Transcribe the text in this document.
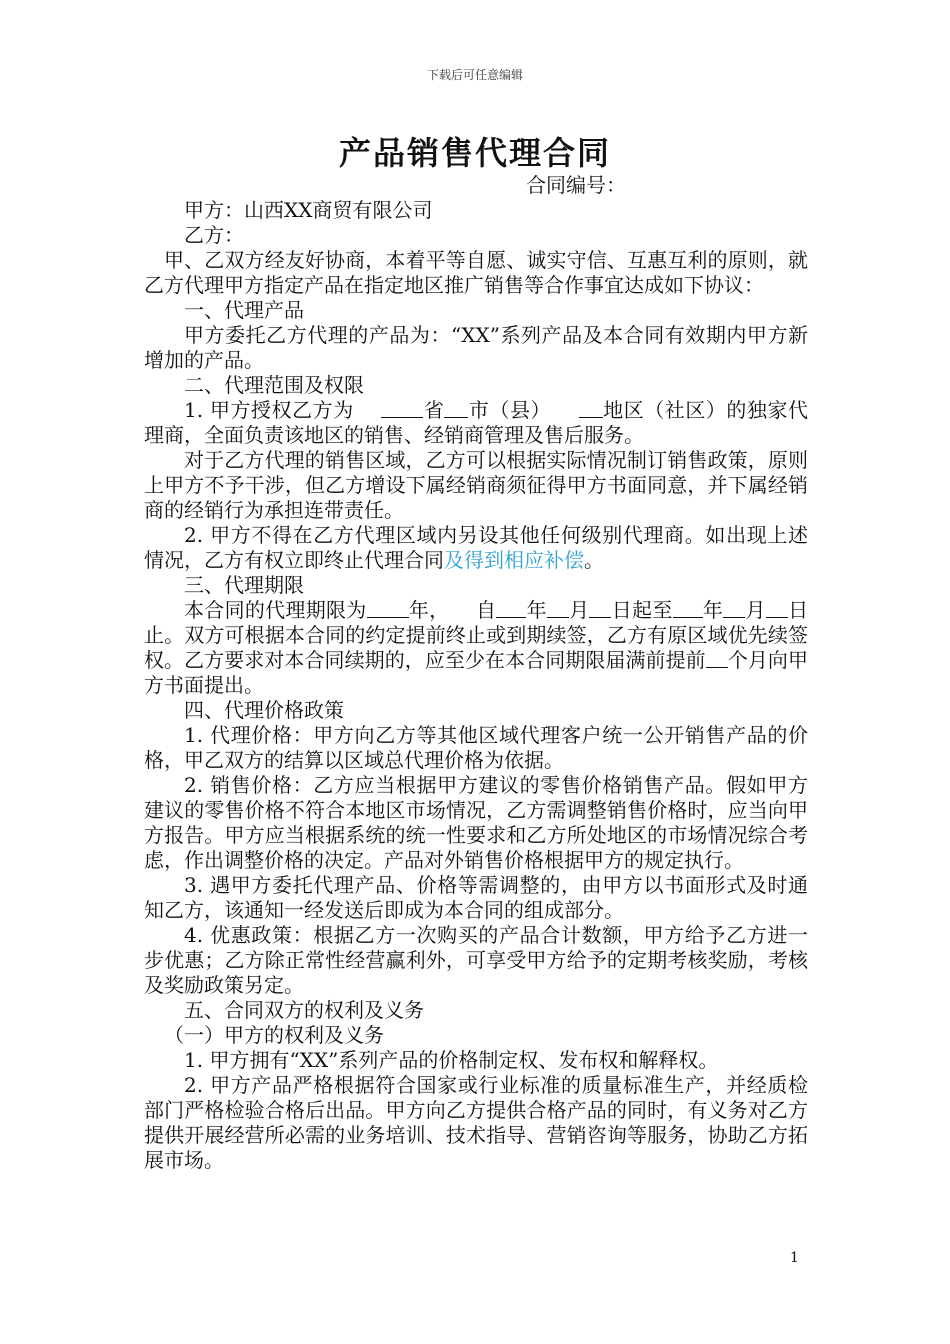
下载后可任意编辑
产品销售代理合同

合同编号：

甲方：山西XX商贸有限公司

乙方：

甲、乙双方经友好协商，本着平等自愿、诚实守信、互惠互利的原则，就乙方代理甲方指定产品在指定地区推广销售等合作事宜达成如下协议：

一、代理产品

甲方委托乙方代理的产品为：“XX”系列产品及本合同有效期内甲方新增加的产品。

二、代理范围及权限

1. 甲方授权乙方为	省 市（县）	地区（社区）的独家代理商，全面负责该地区的销售、经销商管理及售后服务。

对于乙方代理的销售区域，乙方可以根据实际情况制订销售政策，原则上甲方不予干涉，但乙方增设下属经销商须征得甲方书面同意，并下属经销商的经销行为承担连带责任。

2. 甲方不得在乙方代理区域内另设其他任何级别代理商。如出现上述情况，乙方有权立即终止代理合同及得到相应补偿。

三、代理期限

本合同的代理期限为 年， 自 年 月 日起至 年 月 日止。双方可根据本合同的约定提前终止或到期续签，乙方有原区域优先续签权。乙方要求对本合同续期的，应至少在本合同期限届满前提前 个月向甲方书面提出。

四、代理价格政策

1. 代理价格：甲方向乙方等其他区域代理客户统一公开销售产品的价格，甲乙双方的结算以区域总代理价格为依据。

2. 销售价格：乙方应当根据甲方建议的零售价格销售产品。假如甲方建议的零售价格不符合本地区市场情况，乙方需调整销售价格时，应当向甲方报告。甲方应当根据系统的统一性要求和乙方所处地区的市场情况综合考虑，作出调整价格的决定。产品对外销售价格根据甲方的规定执行。

3. 遇甲方委托代理产品、价格等需调整的，由甲方以书面形式及时通知乙方，该通知一经发送后即成为本合同的组成部分。

4. 优惠政策：根据乙方一次购买的产品合计数额，甲方给予乙方进一步优惠；乙方除正常性经营赢利外，可享受甲方给予的定期考核奖励，考核及奖励政策另定。

五、合同双方的权利及义务

（一）甲方的权利及义务

1. 甲方拥有“XX”系列产品的价格制定权、发布权和解释权。

2. 甲方产品严格根据符合国家或行业标准的质量标准生产，并经质检部门严格检验合格后出品。甲方向乙方提供合格产品的同时，有义务对乙方提供开展经营所必需的业务培训、技术指导、营销咨询等服务，协助乙方拓展市场。

1
